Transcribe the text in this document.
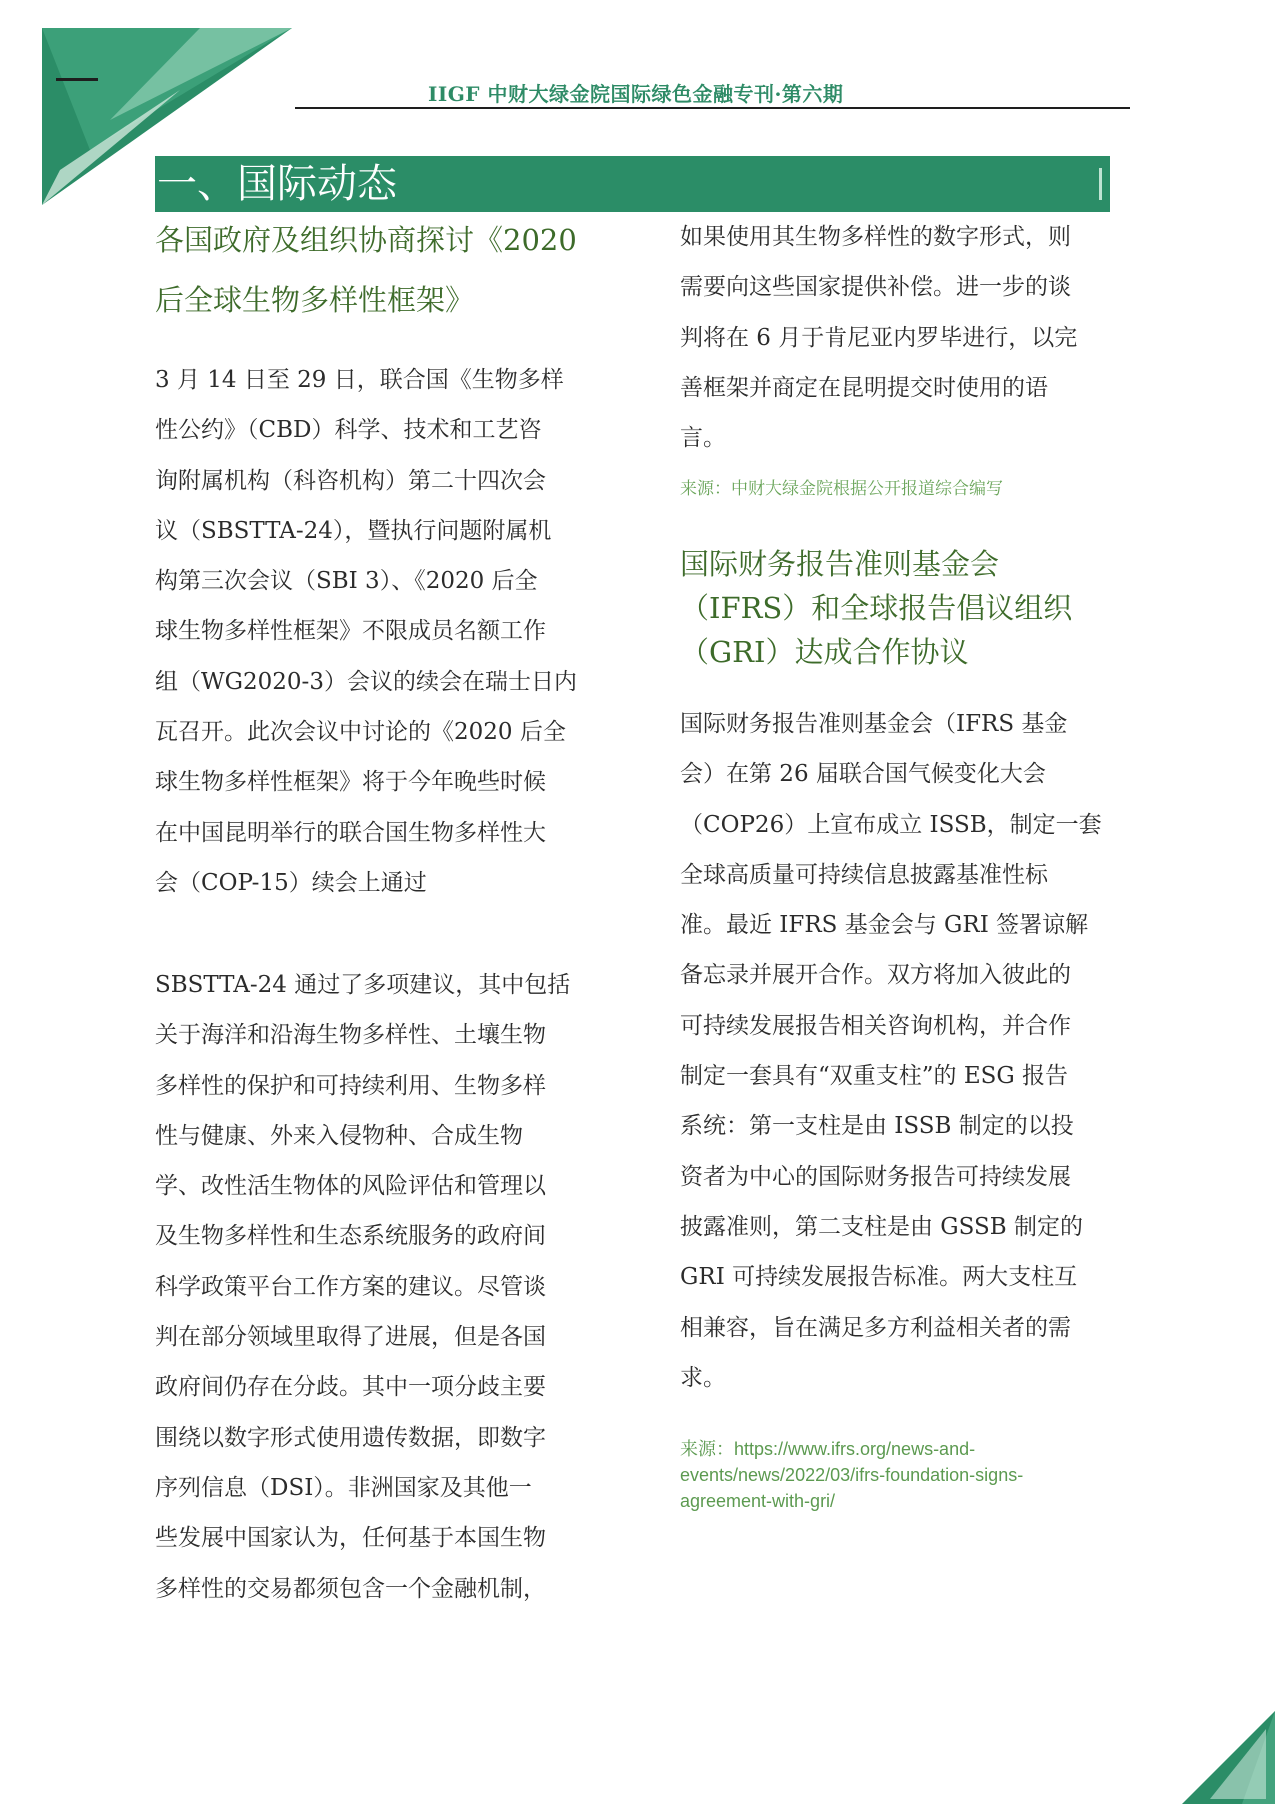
IIGF 中财大绿金院国际绿色金融专刊·第六期
一、国际动态
各国政府及组织协商探讨《2020
后全球生物多样性框架》

3 月 14 日至 29 日，联合国《生物多样

性公约》（CBD）科学、技术和工艺咨

询附属机构（科咨机构）第二十四次会

议（SBSTTA-24），暨执行问题附属机

构第三次会议（SBI 3）、《2020 后全

球生物多样性框架》不限成员名额工作

组（WG2020-3）会议的续会在瑞士日内

瓦召开。此次会议中讨论的《2020 后全

球生物多样性框架》将于今年晚些时候

在中国昆明举行的联合国生物多样性大

会（COP-15）续会上通过

SBSTTA-24 通过了多项建议，其中包括

关于海洋和沿海生物多样性、土壤生物

多样性的保护和可持续利用、生物多样

性与健康、外来入侵物种、合成生物

学、改性活生物体的风险评估和管理以

及生物多样性和生态系统服务的政府间

科学政策平台工作方案的建议。尽管谈

判在部分领域里取得了进展，但是各国

政府间仍存在分歧。其中一项分歧主要

围绕以数字形式使用遗传数据，即数字

序列信息（DSI）。非洲国家及其他一

些发展中国家认为，任何基于本国生物

多样性的交易都须包含一个金融机制，

如果使用其生物多样性的数字形式，则

需要向这些国家提供补偿。进一步的谈

判将在 6 月于肯尼亚内罗毕进行，以完

善框架并商定在昆明提交时使用的语

言。

来源：中财大绿金院根据公开报道综合编写
国际财务报告准则基金会
（IFRS）和全球报告倡议组织
（GRI）达成合作协议

国际财务报告准则基金会（IFRS 基金

会）在第 26 届联合国气候变化大会

（COP26）上宣布成立 ISSB，制定一套

全球高质量可持续信息披露基准性标

准。最近 IFRS 基金会与 GRI 签署谅解

备忘录并展开合作。双方将加入彼此的

可持续发展报告相关咨询机构，并合作

制定一套具有“双重支柱”的 ESG 报告

系统：第一支柱是由 ISSB 制定的以投

资者为中心的国际财务报告可持续发展

披露准则，第二支柱是由 GSSB 制定的

GRI 可持续发展报告标准。两大支柱互

相兼容，旨在满足多方利益相关者的需

求。

来源：https://www.ifrs.org/news-and-
events/news/2022/03/ifrs-foundation-signs-
agreement-with-gri/
